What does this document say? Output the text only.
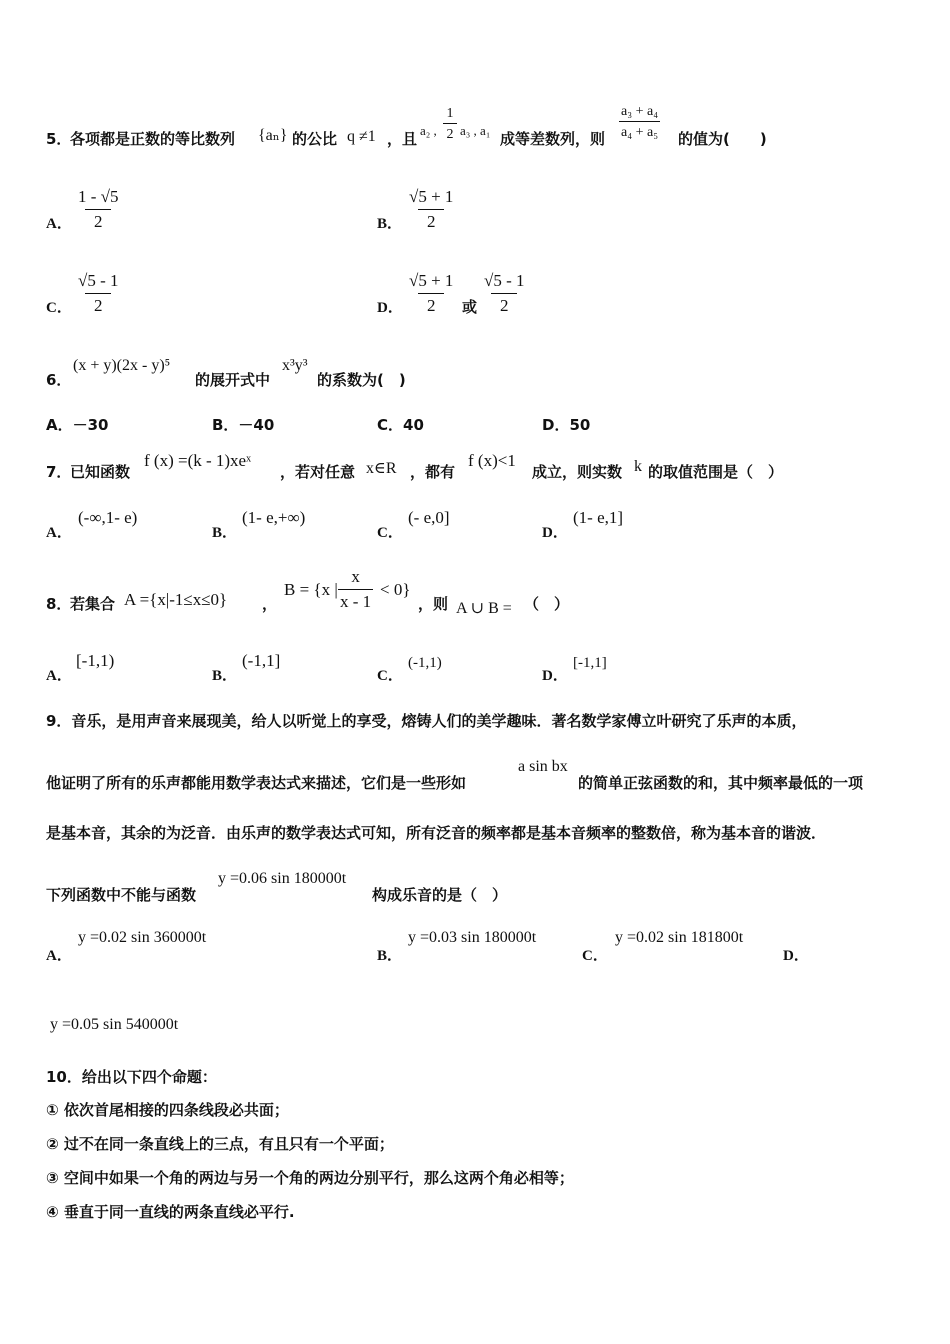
5．
各项都是正数的等比数列 {aₙ} 的公比 q ≠1 ，且 a₂ , $\frac{1}{2} a_3$ , a₁ 成等差数列，则 $\frac{\text{a₃ + a₄}}{\text{a₄ + a₅}}$ 的值为(　　)
A． $\frac{1 - √5}{2}$	B． $\frac{√5 + 1}{2}$
C． $\frac{√5 - 1}{2}$	D． $\frac{√5 + 1}{2}$ 或 $\frac{√5 - 1}{2}$
6．
(x + y)(2x - y)⁵
的展开式中
x³y³
的系数为(　)
A．－30	B．－40	C．40	D．50
7．
已知函数
f (x) =(k - 1)xeˣ
，若对任意 x∈R ，都有
f (x)<1
成立，则实数 k 的取值范围是（　）
A．
(-∞,1- e)
B．
(1- e,+∞)
C．
(- e,0]
D．
(1- e,1]
8．
若集合 A ={x|-1≤x≤0} ，
B = {x | $\frac{x}{x - 1} < 0$}
，则 A ∪ B = （　）
A．
[-1,1)
B．
(-1,1]
C．
(-1,1)
D．
[-1,1]
9．音乐，是用声音来展现美，给人以听觉上的享受，熔铸人们的美学趣味．著名数学家傅立叶研究了乐声的本质，
他证明了所有的乐声都能用数学表达式来描述，它们是一些形如
a sin bx
的简单正弦函数的和，其中频率最低的一项
是基本音，其余的为泛音．由乐声的数学表达式可知，所有泛音的频率都是基本音频率的整数倍，称为基本音的谐波．
下列函数中不能与函数
y =0.06 sin 180000t
构成乐音的是（　）
A．
y =0.02 sin 360000t
B．
y =0.03 sin 180000t
C．
y =0.02 sin 181800t
D．
y =0.05 sin 540000t
10．给出以下四个命题：
① 依次首尾相接的四条线段必共面；
② 过不在同一条直线上的三点，有且只有一个平面；
③ 空间中如果一个角的两边与另一个角的两边分别平行，那么这两个角必相等；
④ 垂直于同一直线的两条直线必平行.
